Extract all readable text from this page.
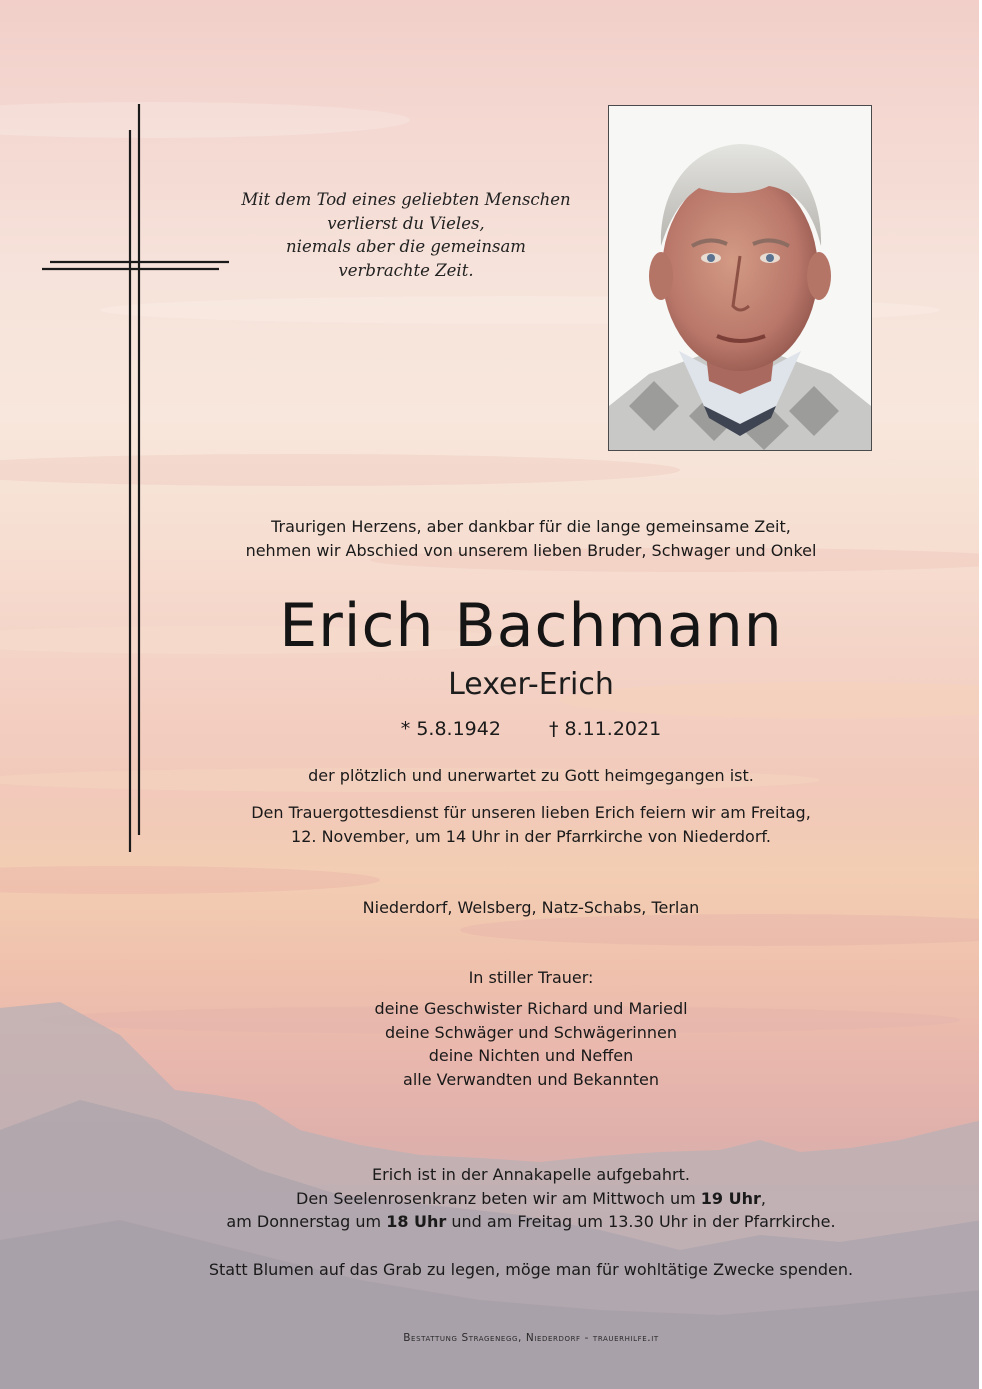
Mit dem Tod eines geliebten Menschen
verlierst du Vieles,
niemals aber die gemeinsam
verbrachte Zeit.
Traurigen Herzens, aber dankbar für die lange gemeinsame Zeit,
nehmen wir Abschied von unserem lieben Bruder, Schwager und Onkel
Erich Bachmann
Lexer-Erich
* 5.8.1942	† 8.11.2021
der plötzlich und unerwartet zu Gott heimgegangen ist.
Den Trauergottesdienst für unseren lieben Erich feiern wir am Freitag,
12. November, um 14 Uhr in der Pfarrkirche von Niederdorf.
Niederdorf, Welsberg, Natz-Schabs, Terlan
In stiller Trauer:
deine Geschwister Richard und Mariedl
deine Schwäger und Schwägerinnen
deine Nichten und Neffen
alle Verwandten und Bekannten
Erich ist in der Annakapelle aufgebahrt.
Den Seelenrosenkranz beten wir am Mittwoch um 19 Uhr,
am Donnerstag um 18 Uhr und am Freitag um 13.30 Uhr in der Pfarrkirche.
Statt Blumen auf das Grab zu legen, möge man für wohltätige Zwecke spenden.
Bestattung Stragenegg, Niederdorf - trauerhilfe.it
